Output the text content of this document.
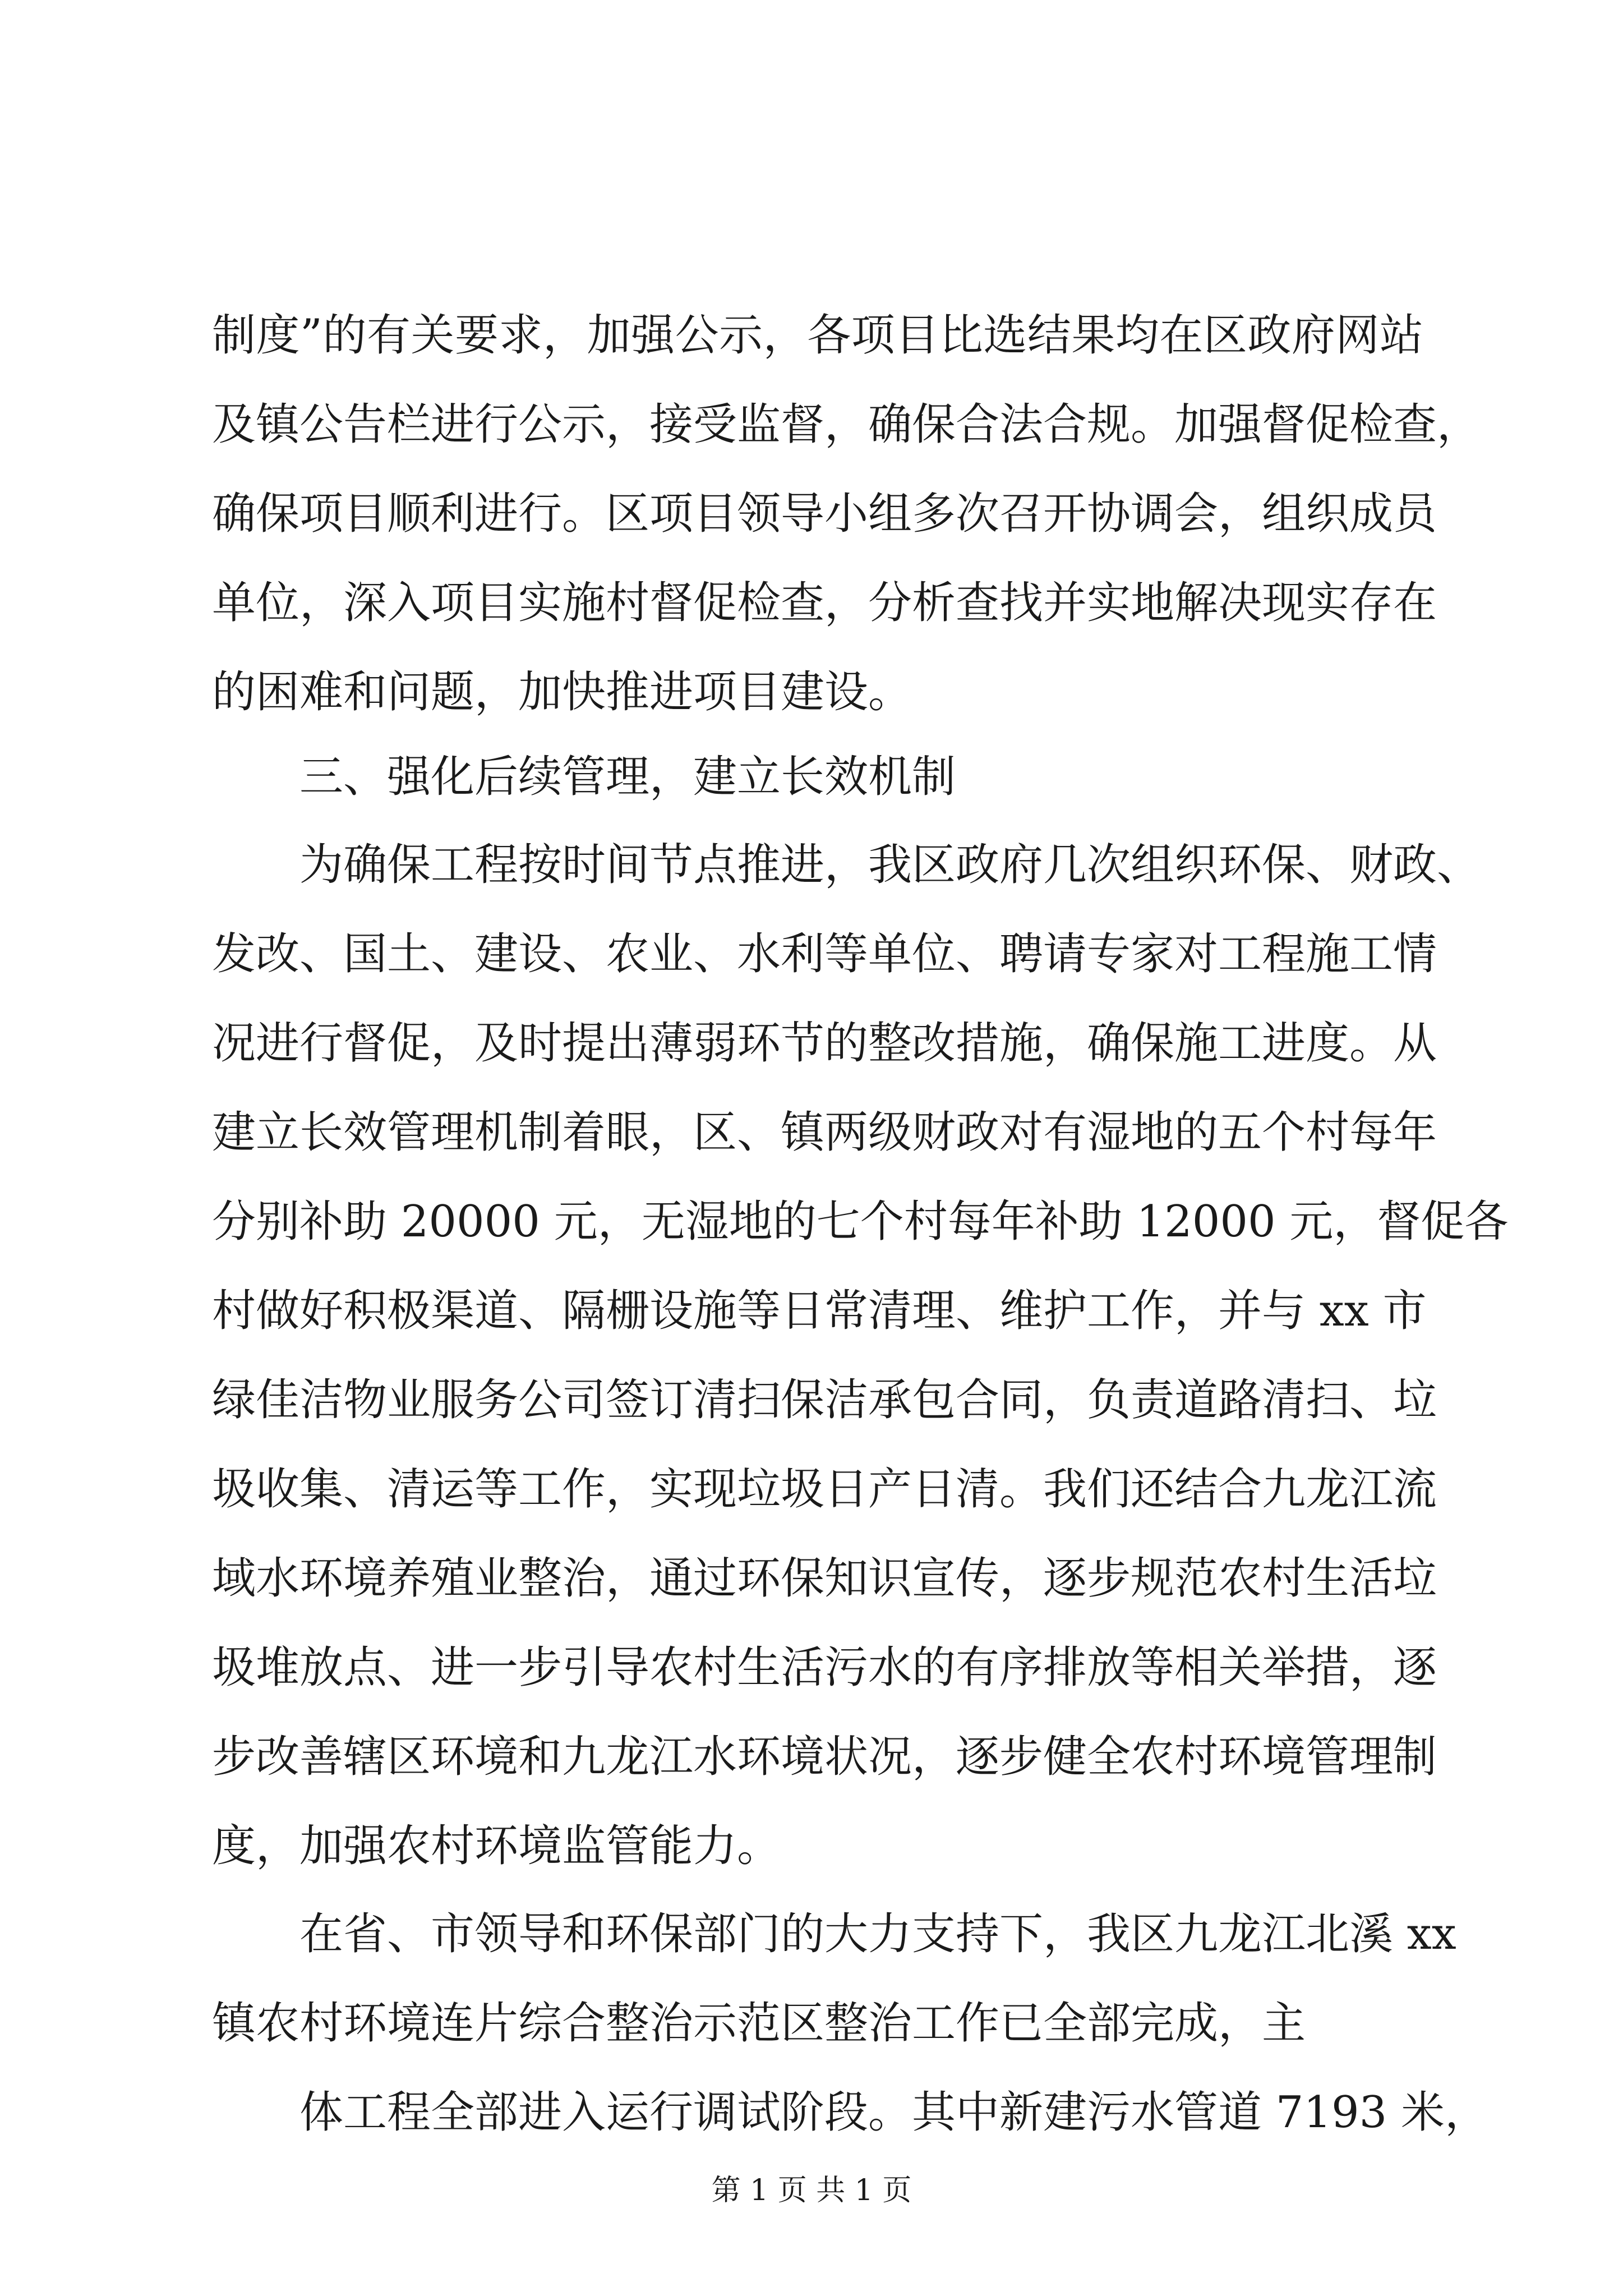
制度”的有关要求，加强公示，各项目比选结果均在区政府网站
及镇公告栏进行公示，接受监督，确保合法合规。加强督促检查，
确保项目顺利进行。区项目领导小组多次召开协调会，组织成员
单位，深入项目实施村督促检查，分析查找并实地解决现实存在
的困难和问题，加快推进项目建设。
三、强化后续管理，建立长效机制
为确保工程按时间节点推进，我区政府几次组织环保、财政、
发改、国土、建设、农业、水利等单位、聘请专家对工程施工情
况进行督促，及时提出薄弱环节的整改措施，确保施工进度。从
建立长效管理机制着眼，区、镇两级财政对有湿地的五个村每年
分别补助 20000 元，无湿地的七个村每年补助 12000 元，督促各
村做好积极渠道、隔栅设施等日常清理、维护工作，并与 xx 市
绿佳洁物业服务公司签订清扫保洁承包合同，负责道路清扫、垃
圾收集、清运等工作，实现垃圾日产日清。我们还结合九龙江流
域水环境养殖业整治，通过环保知识宣传，逐步规范农村生活垃
圾堆放点、进一步引导农村生活污水的有序排放等相关举措，逐
步改善辖区环境和九龙江水环境状况，逐步健全农村环境管理制
度，加强农村环境监管能力。
在省、市领导和环保部门的大力支持下，我区九龙江北溪 xx
镇农村环境连片综合整治示范区整治工作已全部完成，主
体工程全部进入运行调试阶段。其中新建污水管道 7193 米，
第 1 页 共 1 页
